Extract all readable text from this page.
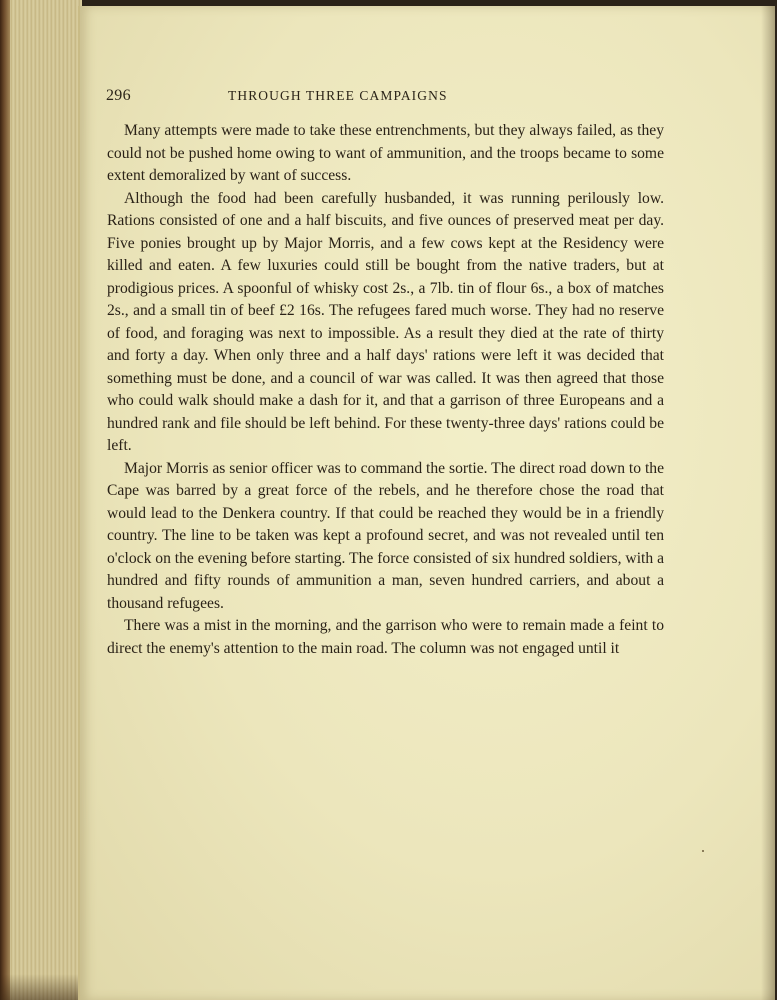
296	THROUGH THREE CAMPAIGNS

Many attempts were made to take these entrenchments, but they always failed, as they could not be pushed home owing to want of ammunition, and the troops became to some extent demoralized by want of success.

Although the food had been carefully husbanded, it was running perilously low. Rations consisted of one and a half biscuits, and five ounces of preserved meat per day. Five ponies brought up by Major Morris, and a few cows kept at the Residency were killed and eaten. A few luxuries could still be bought from the native traders, but at prodigious prices. A spoonful of whisky cost 2s., a 7lb. tin of flour 6s., a box of matches 2s., and a small tin of beef £2 16s. The refugees fared much worse. They had no reserve of food, and foraging was next to impossible. As a result they died at the rate of thirty and forty a day. When only three and a half days' rations were left it was decided that something must be done, and a council of war was called. It was then agreed that those who could walk should make a dash for it, and that a garrison of three Europeans and a hundred rank and file should be left behind. For these twenty-three days' rations could be left.

Major Morris as senior officer was to command the sortie. The direct road down to the Cape was barred by a great force of the rebels, and he therefore chose the road that would lead to the Denkera country. If that could be reached they would be in a friendly country. The line to be taken was kept a profound secret, and was not revealed until ten o'clock on the evening before starting. The force consisted of six hundred soldiers, with a hundred and fifty rounds of ammunition a man, seven hundred carriers, and about a thousand refugees.

There was a mist in the morning, and the garrison who were to remain made a feint to direct the enemy's attention to the main road. The column was not engaged until it
